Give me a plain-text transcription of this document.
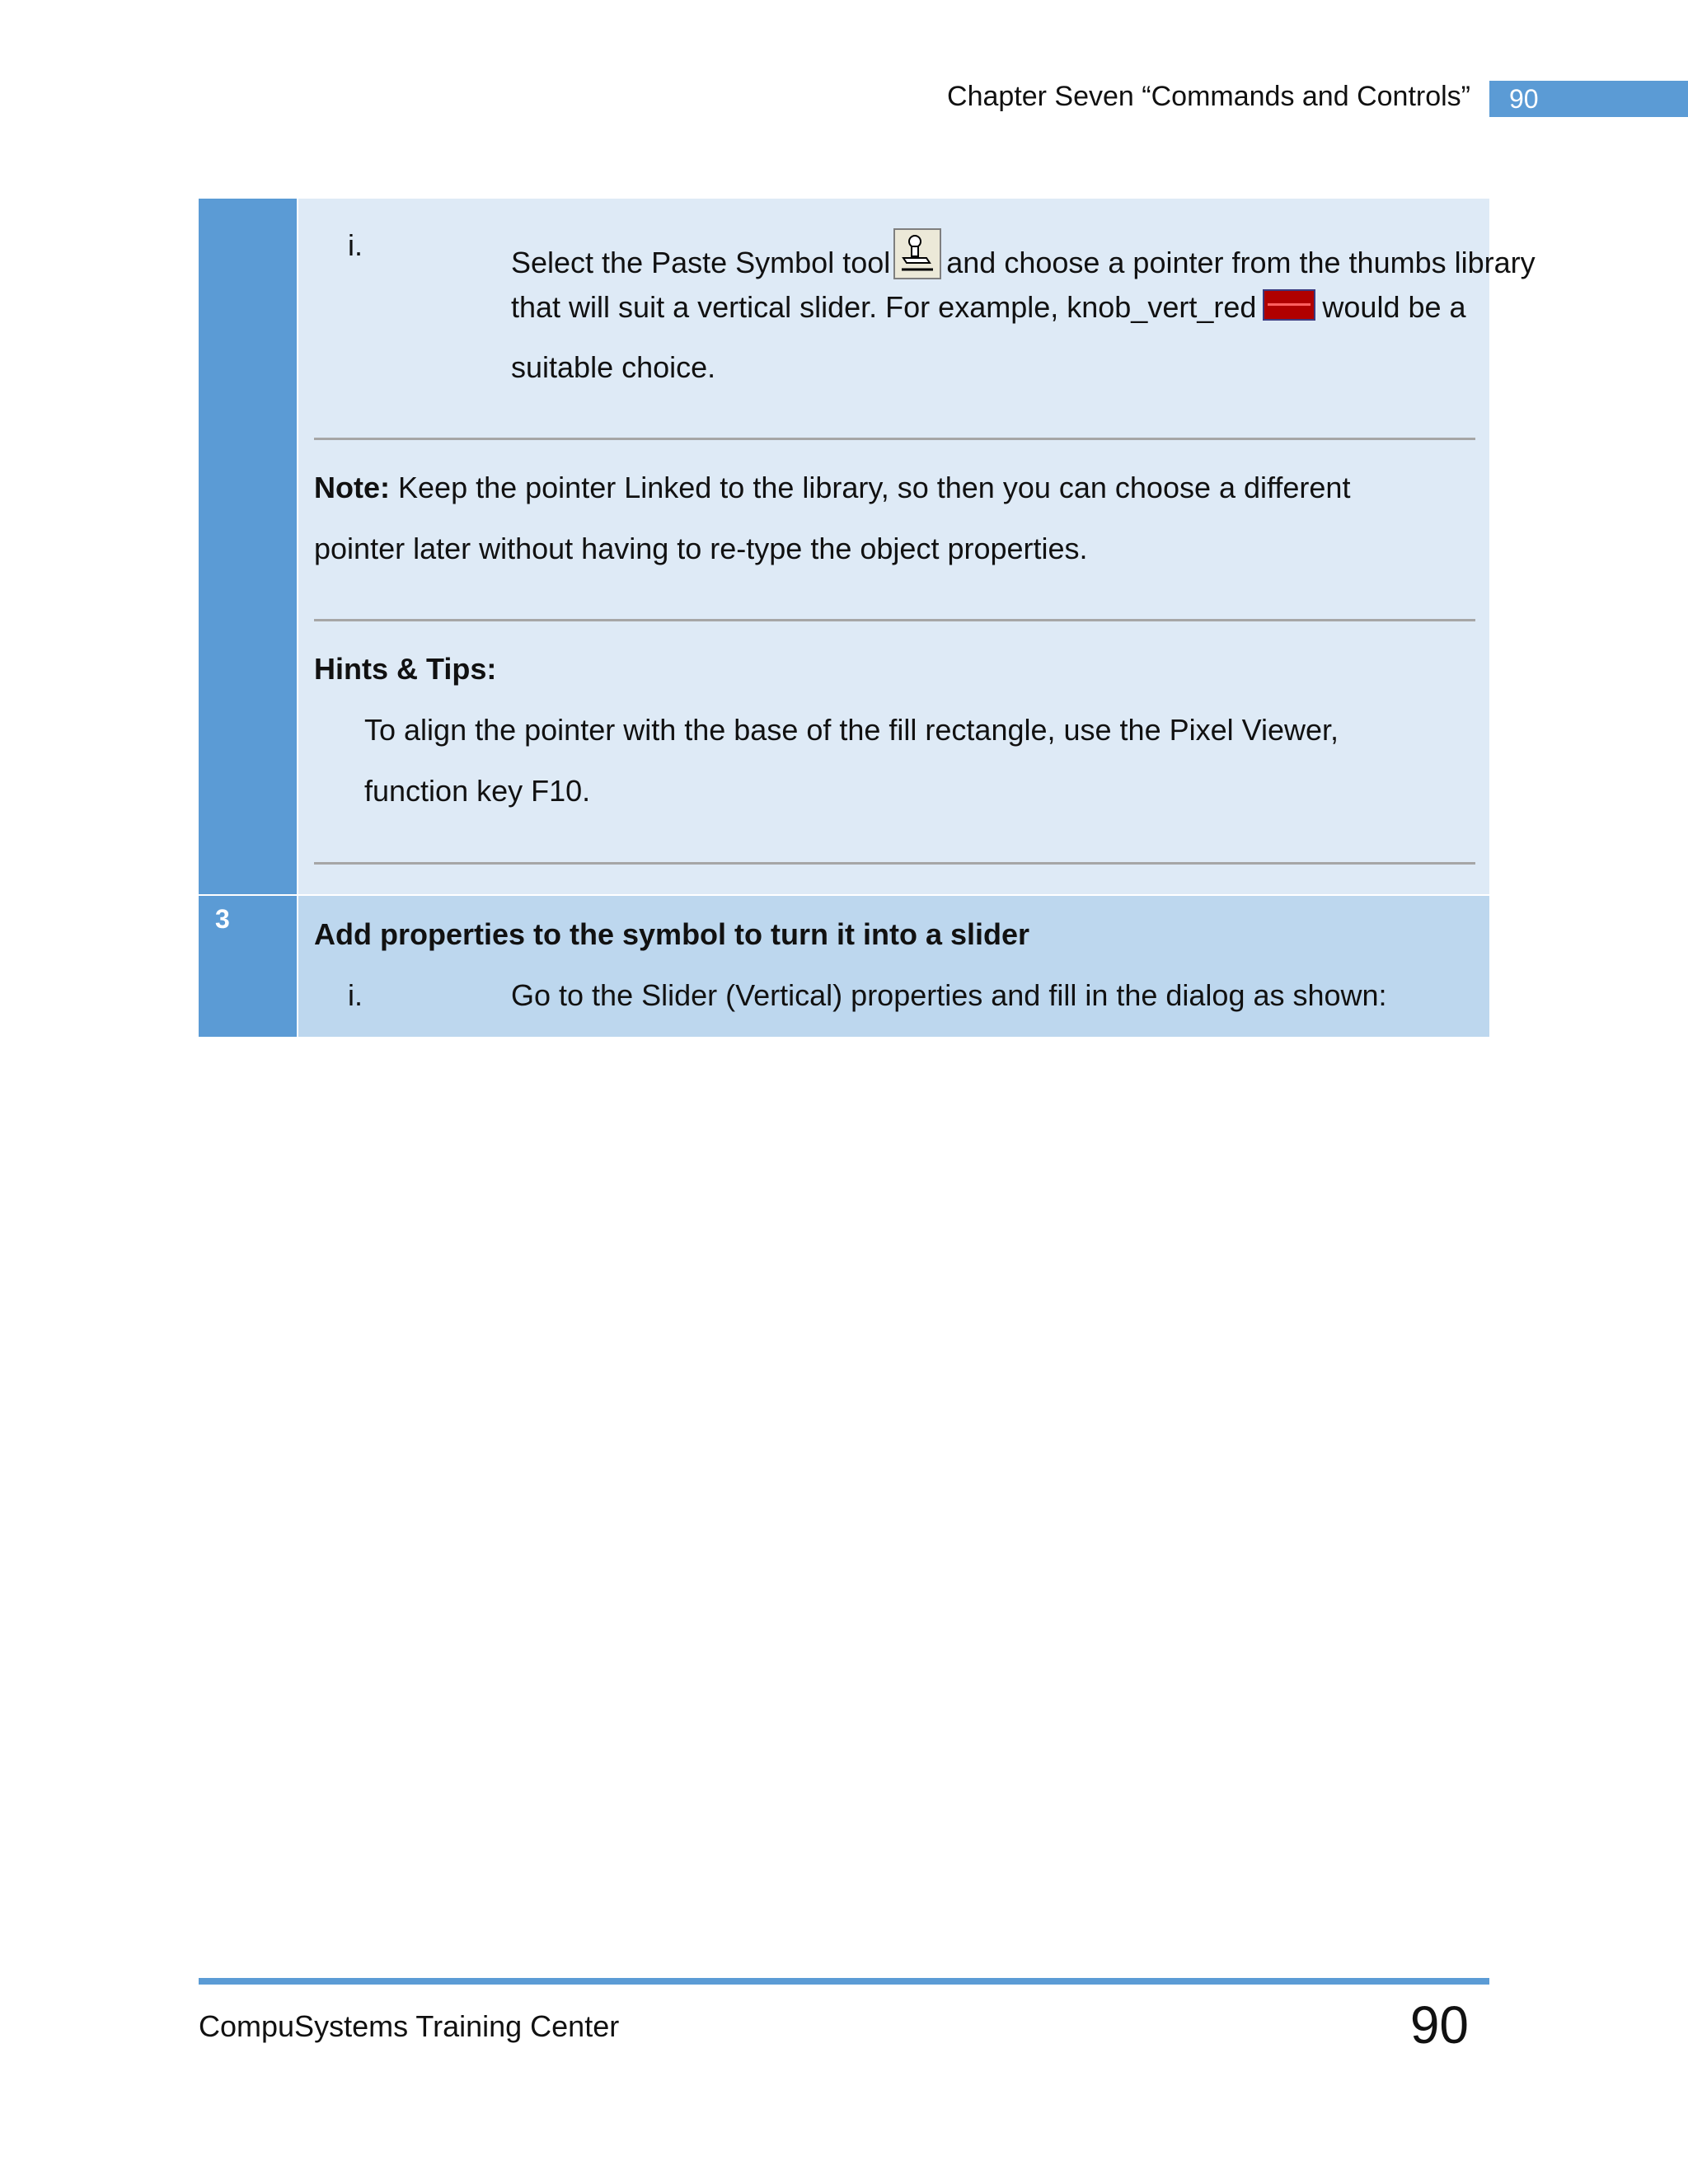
Chapter Seven “Commands and Controls” 90
i.
Select the Paste Symbol tool and choose a pointer from the thumbs library
that will suit a vertical slider. For example, knob_vert_red would be a
suitable choice.
Note: Keep the pointer Linked to the library, so then you can choose a different
pointer later without having to re-type the object properties.
Hints & Tips:
To align the pointer with the base of the fill rectangle, use the Pixel Viewer,
function key F10.
3	Add properties to the symbol to turn it into a slider
i.	Go to the Slider (Vertical) properties and fill in the dialog as shown:
CompuSystems Training Center	90
